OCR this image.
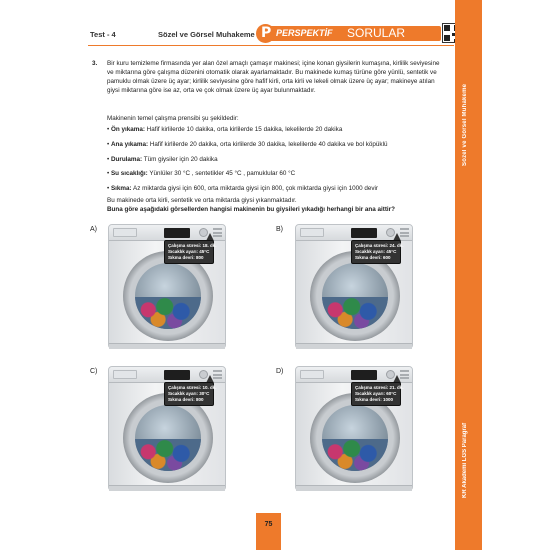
Test - 4	Sözel ve Görsel Muhakeme PERSPEKTİF SORULAR
P
Sözel ve Görsel Muhakeme
KR Akademi LGS Paragraf
3. Bir kuru temizleme firmasında yer alan özel amaçlı çamaşır makinesi; içine konan giysilerin kumaşına, kirlilik seviyesine ve miktarına göre çalışma düzenini otomatik olarak ayarlamaktadır. Bu makinede kumaş türüne göre yünlü, sentetik ve pamuklu olmak üzere üç ayar; kirlilik seviyesine göre hafif kirli, orta kirli ve lekeli olmak üzere üç ayar; makineye atılan giysi miktarına göre ise az, orta ve çok olmak üzere üç ayar bulunmaktadır.
Makinenin temel çalışma prensibi şu şekildedir:
• Ön yıkama: Hafif kirlilerde 10 dakika, orta kirlilerde 15 dakika, lekelilerde 20 dakika
• Ana yıkama: Hafif kirlilerde 20 dakika, orta kirlilerde 30 dakika, lekelilerde 40 dakika ve bol köpüklü
• Durulama: Tüm giysiler için 20 dakika
• Su sıcaklığı: Yünlüler 30 °C , sentetikler 45 °C , pamuklular 60 °C
• Sıkma: Az miktarda giysi için 600, orta miktarda giysi için 800, çok miktarda giysi için 1000 devir
Bu makinede orta kirli, sentetik ve orta miktarda giysi yıkanmaktadır.
Buna göre aşağıdaki görsellerden hangisi makinenin bu giysileri yıkadığı herhangi bir ana aittir?
A)
Çalışma süresi: 18. dk.
Sıcaklık ayarı: 45°C
Sıkma devri: 800
B)
Çalışma süresi: 24. dk.
Sıcaklık ayarı: 45°C
Sıkma devri: 600
C)
Çalışma süresi: 10. dk.
Sıcaklık ayarı: 30°C
Sıkma devri: 800
D)
Çalışma süresi: 21. dk.
Sıcaklık ayarı: 60°C
Sıkma devri: 1000
75
